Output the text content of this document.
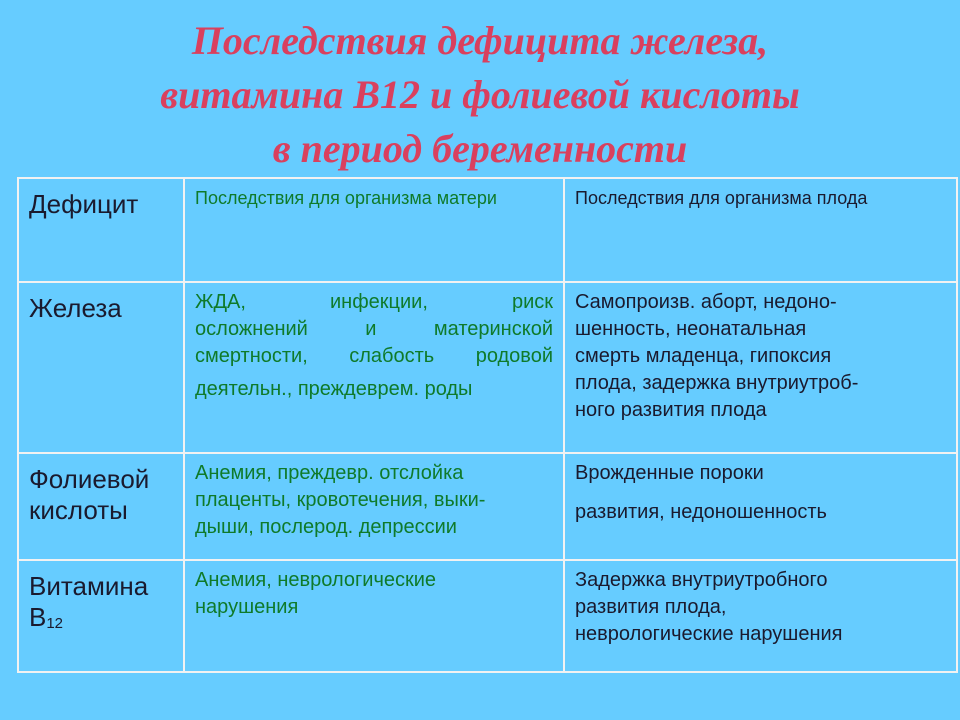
Последствия дефицита железа,
витамина В12 и фолиевой кислоты
в период беременности
Дефицит	Последствия для организма матери	Последствия для организма плода
Железа	ЖДА, инфекции, риск
осложнений и материнской
смертности, слабость родовой
деятельн., преждеврем. роды	Самопроизв. аборт, недоно-
шенность, неонатальная
смерть младенца, гипоксия
плода, задержка внутриутроб-
ного развития плода

Фолиевой
кислоты	Анемия, преждевр. отслойка
плаценты, кровотечения, выки-
дыши, послерод. депрессии	Врожденные пороки
развития, недоношенность

Витамина
$В_{12}$	Анемия, неврологические
нарушения	Задержка внутриутробного
развития плода,
неврологические нарушения
